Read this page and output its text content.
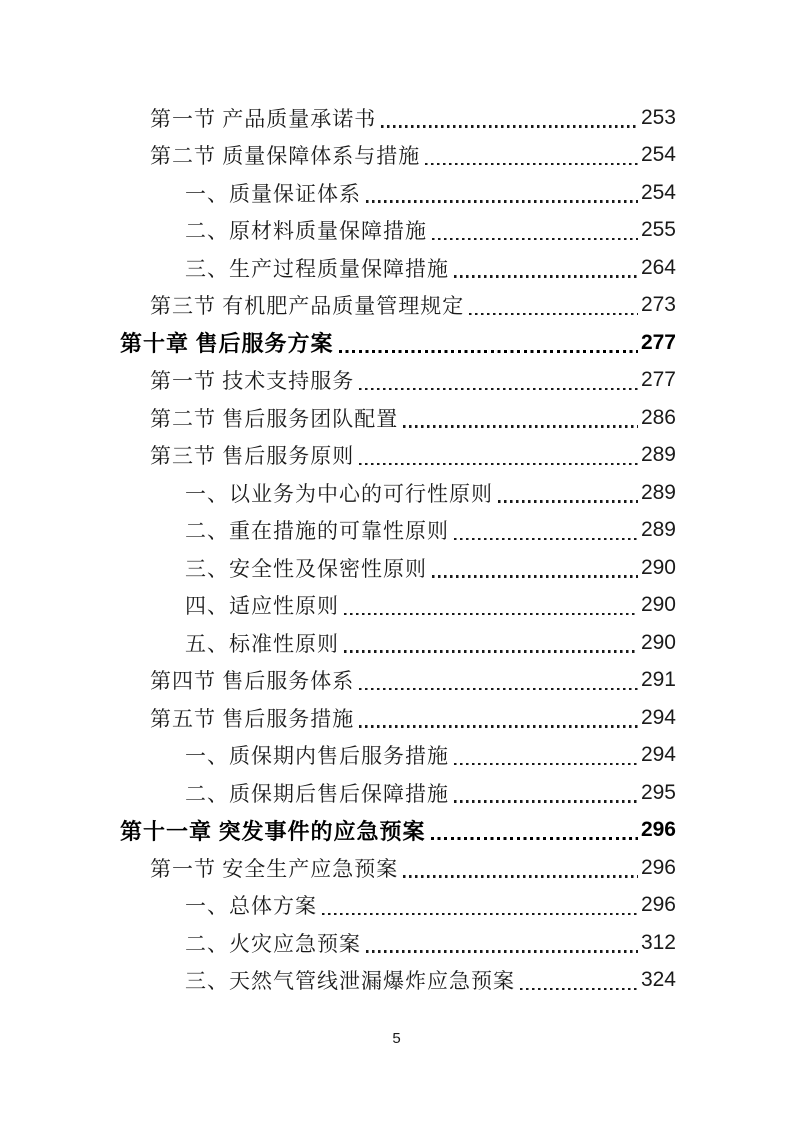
第一节 产品质量承诺书	253
第二节 质量保障体系与措施	254
一、质量保证体系	254
二、原材料质量保障措施	255
三、生产过程质量保障措施	264
第三节 有机肥产品质量管理规定	273
第十章 售后服务方案	277
第一节 技术支持服务	277
第二节 售后服务团队配置	286
第三节 售后服务原则	289
一、以业务为中心的可行性原则	289
二、重在措施的可靠性原则	289
三、安全性及保密性原则	290
四、适应性原则	290
五、标准性原则	290
第四节 售后服务体系	291
第五节 售后服务措施	294
一、质保期内售后服务措施	294
二、质保期后售后保障措施	295
第十一章 突发事件的应急预案	296
第一节 安全生产应急预案	296
一、总体方案	296
二、火灾应急预案	312
三、天然气管线泄漏爆炸应急预案	324
5
